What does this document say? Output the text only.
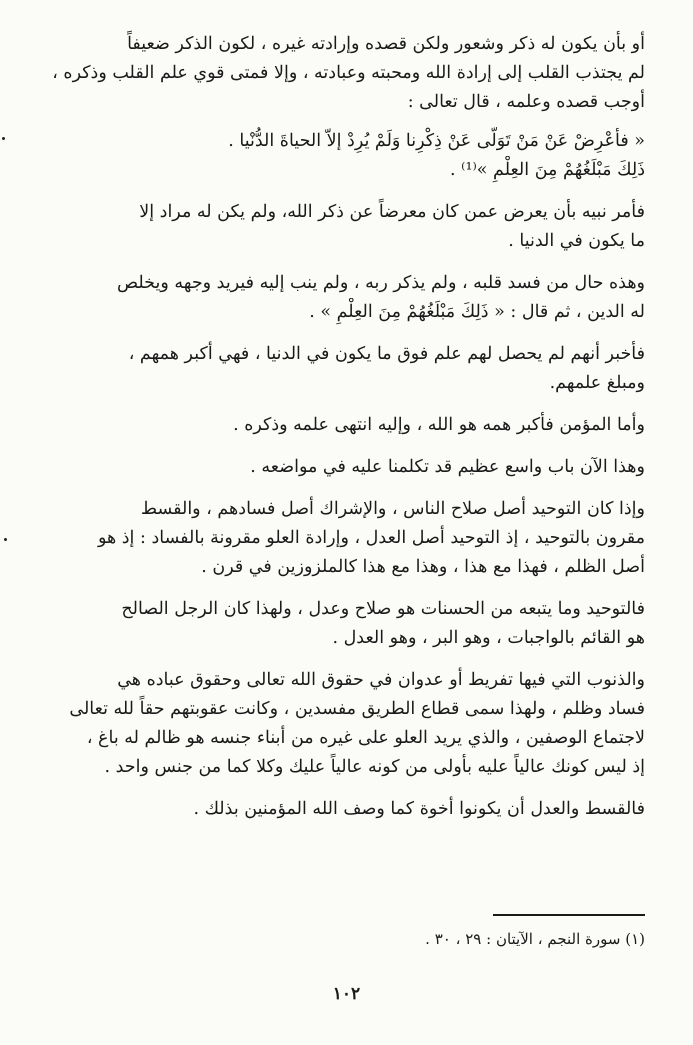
أو بأن يكون له ذكر وشعور ولكن قصده وإرادته غيره ، لكون الذكر ضعيفاً
لم يجتذب القلب إلى إرادة الله ومحبته وعبادته ، وإلا فمتى قوي علم القلب وذكره ،
أوجب قصده وعلمه ، قال تعالى :
« فأَعْرِضْ عَنْ مَنْ تَوَلَّى عَنْ ذِكْرِنا وَلَمْ يُرِدْ إلاّ الحياةَ الدُّنْيا .
ذَلِكَ مَبْلَغُهُمْ مِنَ العِلْمِ »⁽¹⁾ .
فأمر نبيه بأن يعرض عمن كان معرضاً عن ذكر الله، ولم يكن له مراد إلا
ما يكون في الدنيا .
وهذه حال من فسد قلبه ، ولم يذكر ربه ، ولم ينب إليه فيريد وجهه ويخلص
له الدين ، ثم قال : « ذَلِكَ مَبْلَغُهُمْ مِنَ العِلْمِ » .
فأخبر أنهم لم يحصل لهم علم فوق ما يكون في الدنيا ، فهي أكبر همهم ،
ومبلغ علمهم.
وأما المؤمن فأكبر همه هو الله ، وإليه انتهى علمه وذكره .
وهذا الآن باب واسع عظيم قد تكلمنا عليه في مواضعه .
وإذا كان التوحيد أصل صلاح الناس ، والإشراك أصل فسادهم ، والقسط
مقرون بالتوحيد ، إذ التوحيد أصل العدل ، وإرادة العلو مقرونة بالفساد : إذ هو
أصل الظلم ، فهذا مع هذا ، وهذا مع هذا كالملزوزين في قرن .
فالتوحيد وما يتبعه من الحسنات هو صلاح وعدل ، ولهذا كان الرجل الصالح
هو القائم بالواجبات ، وهو البر ، وهو العدل .
والذنوب التي فيها تفريط أو عدوان في حقوق الله تعالى وحقوق عباده هي
فساد وظلم ، ولهذا سمى قطاع الطريق مفسدين ، وكانت عقوبتهم حقاً لله تعالى
لاجتماع الوصفين ، والذي يريد العلو على غيره من أبناء جنسه هو ظالم له باغ ،
إذ ليس كونك عالياً عليه بأولى من كونه عالياً عليك وكلا كما من جنس واحد .
فالقسط والعدل أن يكونوا أخوة كما وصف الله المؤمنين بذلك .
(١) سورة النجم ، الآيتان : ٢٩ ، ٣٠ .
١٠٢
